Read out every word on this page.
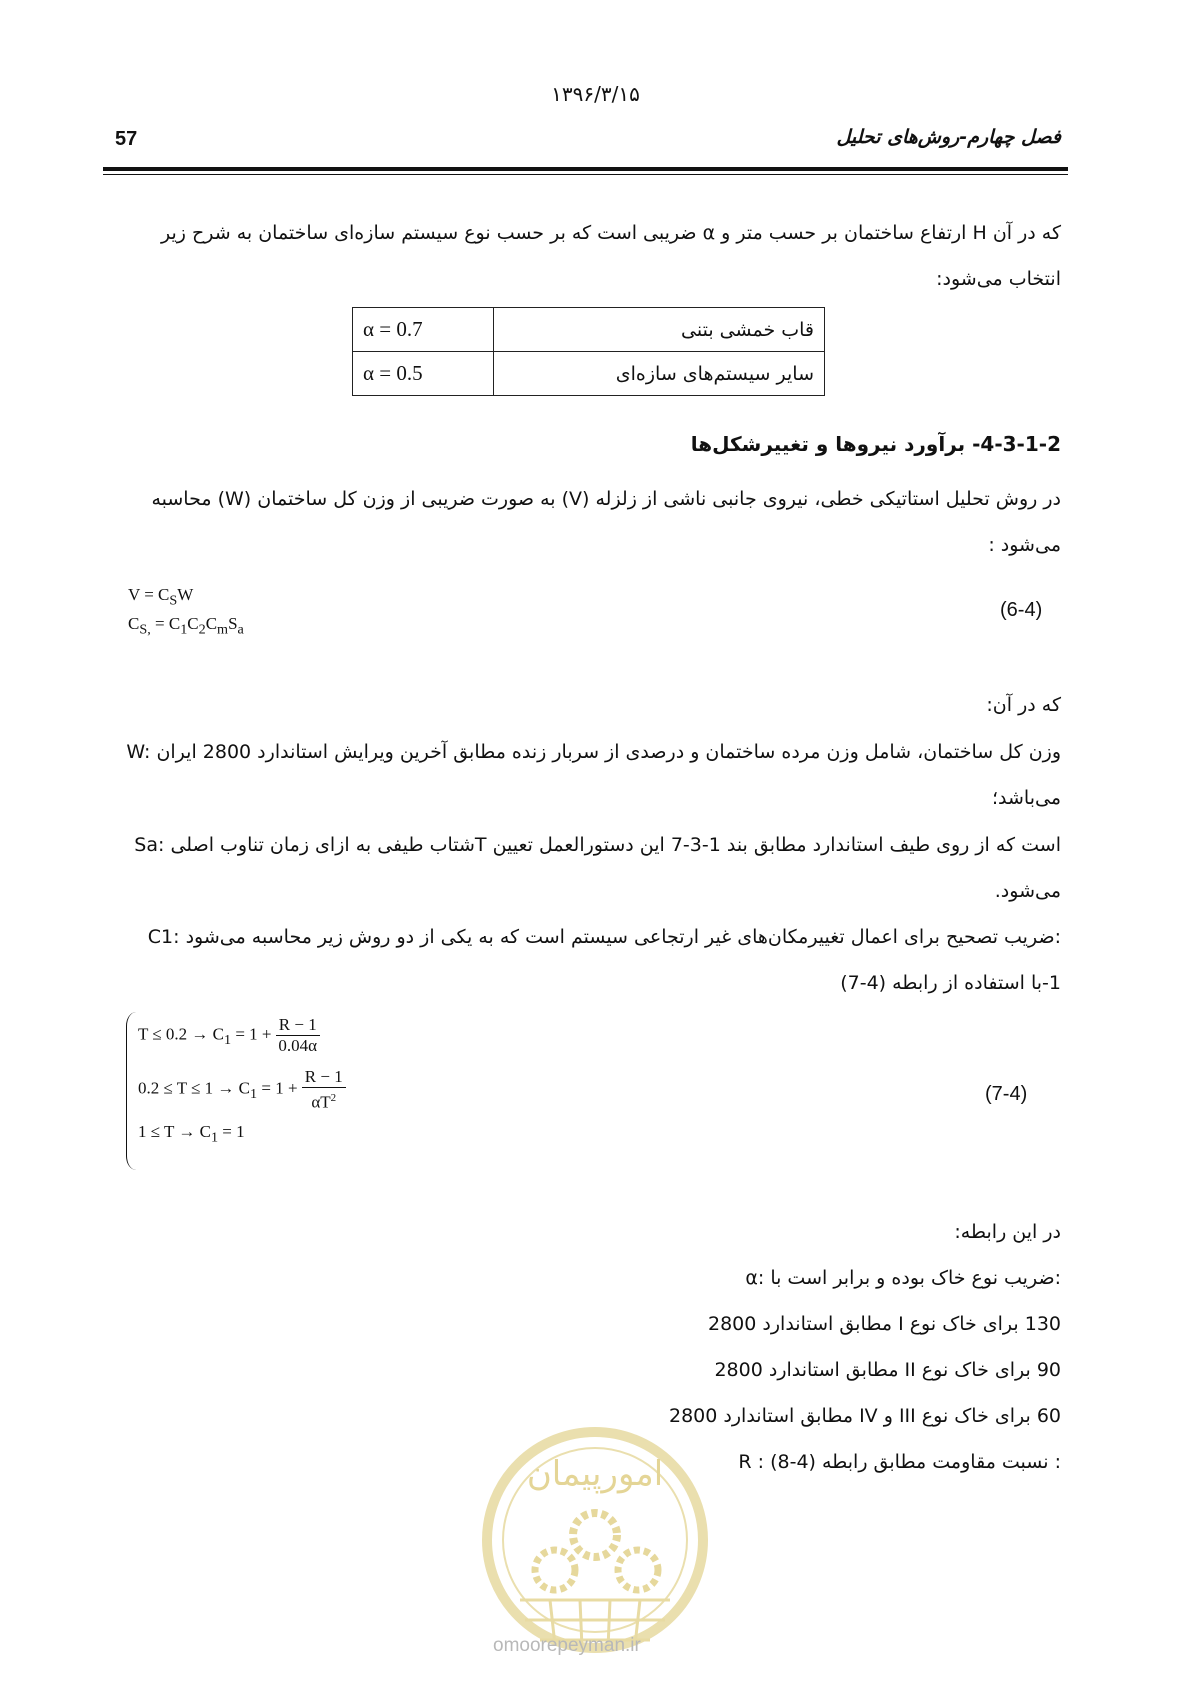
۱۳۹۶/۳/۱۵
57	فصل چهارم-روش‌های تحلیل
که در آن H ارتفاع ساختمان بر حسب متر و α ضریبی است که بر حسب نوع سیستم سازه‌ای ساختمان به شرح زیر
انتخاب می‌شود:
α = 0.7	قاب خمشی بتنی
α = 0.5	سایر سیستم‌های سازه‌ای
4-3-1-2- برآورد نیروها و تغییرشکل‌ها
در روش تحلیل استاتیکی خطی، نیروی جانبی ناشی از زلزله (V) به صورت ضریبی از وزن کل ساختمان (W) محاسبه
می‌شود :
$V = C_SW$
$C_{S,} = C_1C_2C_mS_a$
(6-4)
که در آن:
W: وزن کل ساختمان، شامل وزن مرده ساختمان و درصدی از سربار زنده مطابق آخرین ویرایش استاندارد 2800 ایران
می‌باشد؛
Sa: شتاب طیفی به ازای زمان تناوب اصلیT است که از روی طیف استاندارد مطابق بند 1-3-7 این دستورالعمل تعیین
می‌شود.
C1: ضریب تصحیح برای اعمال تغییرمکان‌های غیر ارتجاعی سیستم است که به یکی از دو روش زیر محاسبه می‌شود:
1-با استفاده از رابطه (4-7)
$T \le 0.2 \to C_1 = 1 + \frac{R - 1}{0.04\alpha}$
$0.2 \le T \le 1 \to C_1 = 1 + \frac{R - 1}{\alpha T^2}$
$1 \le T \to C_1 = 1$
(7-4)
در این رابطه:
α: ضریب نوع خاک بوده و برابر است با:
130 برای خاک نوع I مطابق استاندارد 2800
90 برای خاک نوع II مطابق استاندارد 2800
60 برای خاک نوع III و IV مطابق استاندارد 2800
R : نسبت مقاومت مطابق رابطه (4-8) :
امورپیمان
omoorepeyman.ir
